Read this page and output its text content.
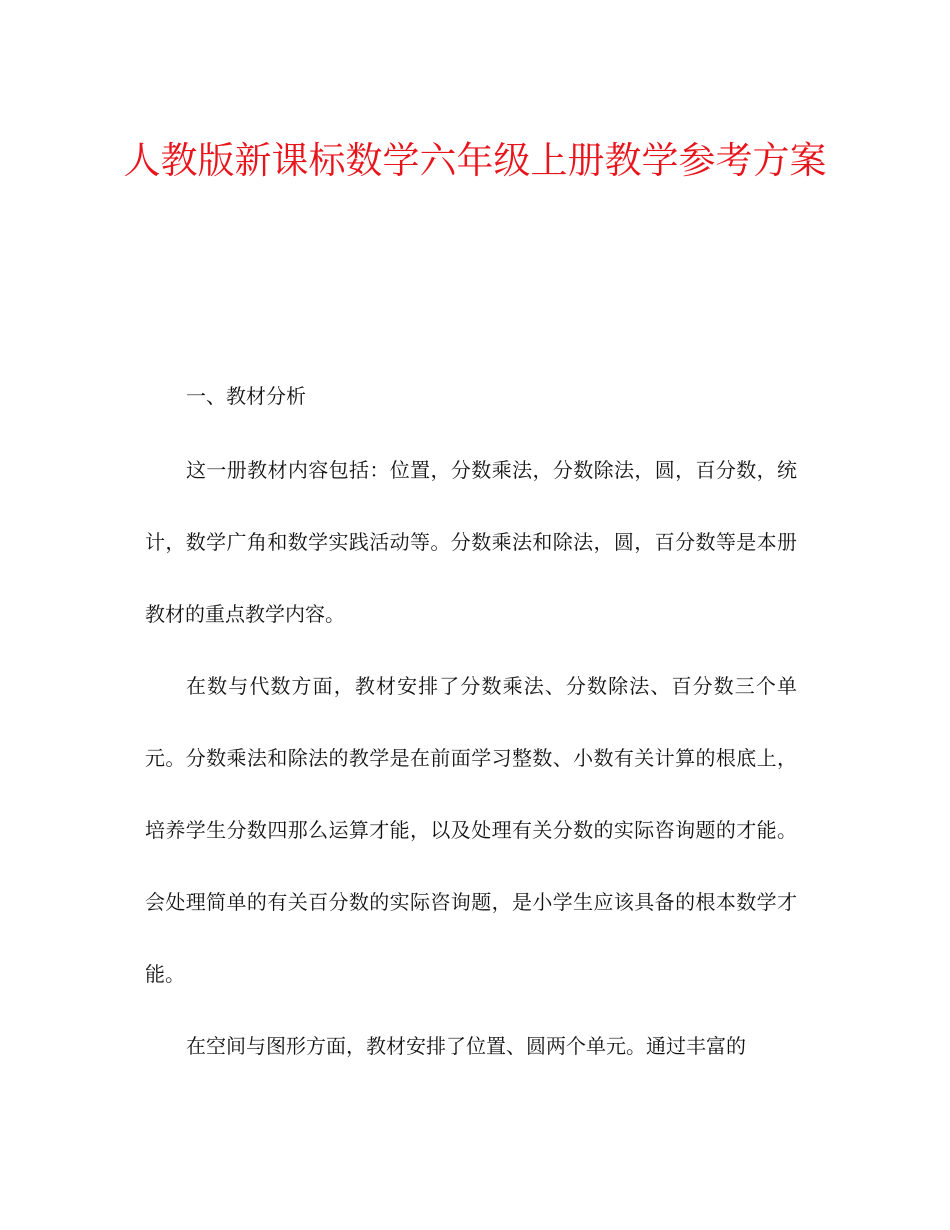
人教版新课标数学六年级上册教学参考方案

一、教材分析

这一册教材内容包括：位置，分数乘法，分数除法，圆，百分数，统计，数学广角和数学实践活动等。分数乘法和除法，圆，百分数等是本册教材的重点教学内容。

在数与代数方面，教材安排了分数乘法、分数除法、百分数三个单元。分数乘法和除法的教学是在前面学习整数、小数有关计算的根底上，培养学生分数四那么运算才能，以及处理有关分数的实际咨询题的才能。会处理简单的有关百分数的实际咨询题，是小学生应该具备的根本数学才能。

在空间与图形方面，教材安排了位置、圆两个单元。通过丰富的
